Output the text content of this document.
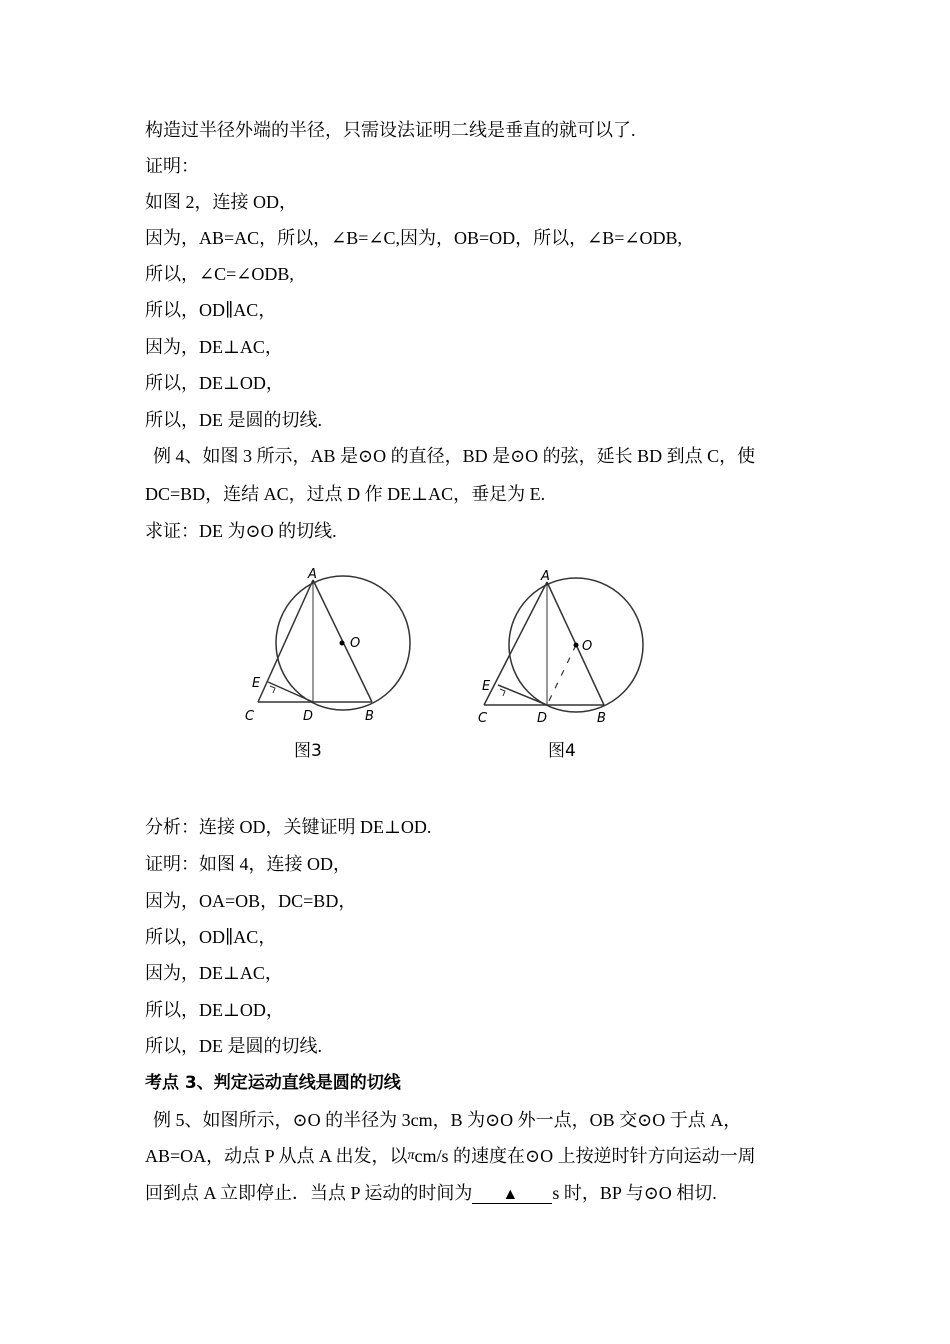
构造过半径外端的半径，只需设法证明二线是垂直的就可以了.
证明：
如图 2，连接 OD，
因为，AB=AC，所以，∠B=∠C,因为，OB=OD，所以，∠B=∠ODB,
所以，∠C=∠ODB,
所以，OD∥AC，
因为，DE⊥AC，
所以，DE⊥OD，
所以，DE 是圆的切线.
例 4、如图 3 所示，AB 是⊙O 的直径，BD 是⊙O 的弦，延长 BD 到点 C，使
DC=BD，连结 AC，过点 D 作 DE⊥AC，垂足为 E.
求证：DE 为⊙O 的切线.
A
O
E
C	D	B
图3
A
O
E
C	D	B
图4
分析：连接 OD，关键证明 DE⊥OD.
证明：如图 4，连接 OD，
因为，OA=OB，DC=BD，
所以，OD∥AC，
因为，DE⊥AC，
所以，DE⊥OD，
所以，DE 是圆的切线.
考点 3、判定运动直线是圆的切线
例 5、如图所示，⊙O 的半径为 3cm，B 为⊙O 外一点，OB 交⊙O 于点 A，
AB=OA，动点 P 从点 A 出发，以πcm/s 的速度在⊙O 上按逆时针方向运动一周
回到点 A 立即停止．当点 P 运动的时间为 ▲ s 时，BP 与⊙O 相切.
